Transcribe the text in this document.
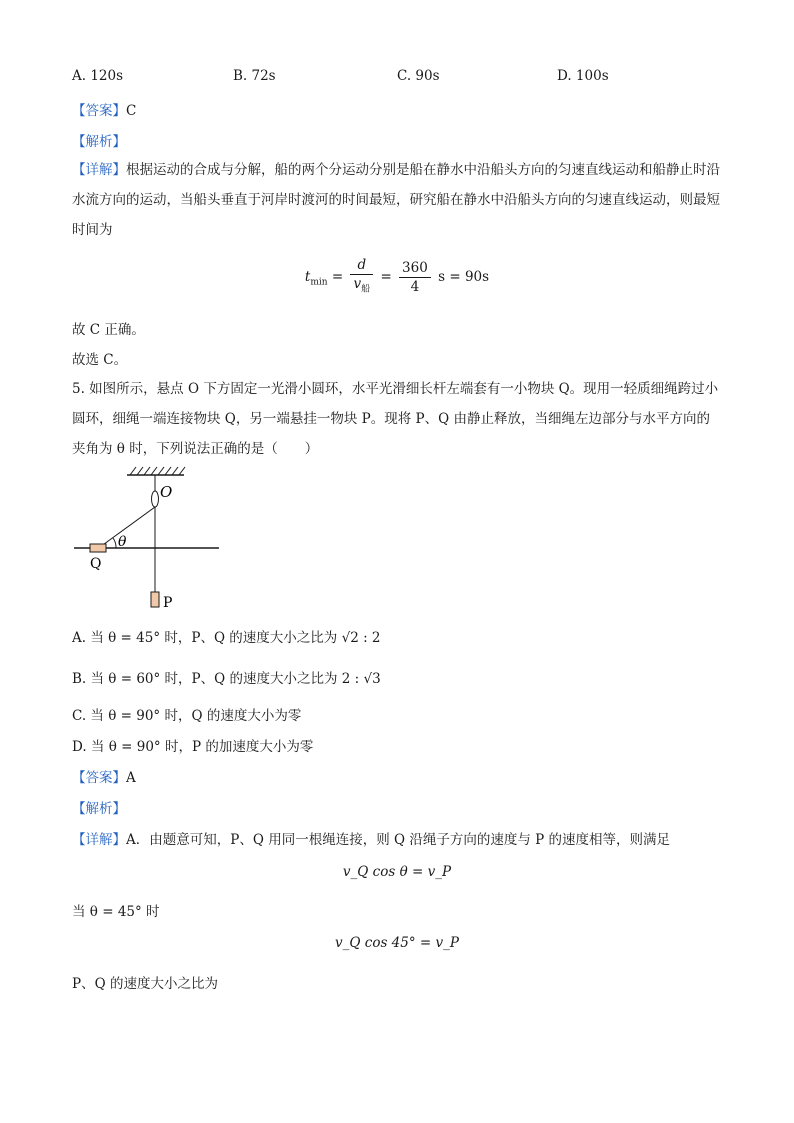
A. 120s	B. 72s	C. 90s	D. 100s
【答案】C
【解析】
【详解】根据运动的合成与分解，船的两个分运动分别是船在静水中沿船头方向的匀速直线运动和船静止时沿水流方向的运动，当船头垂直于河岸时渡河的时间最短，研究船在静水中沿船头方向的匀速直线运动，则最短时间为
$t_{min} = \frac{d}{v_船} = \frac{360}{4}$ s = 90s
故 C 正确。
故选 C。
5. 如图所示，悬点 O 下方固定一光滑小圆环，水平光滑细长杆左端套有一小物块 Q。现用一轻质细绳跨过小圆环，细绳一端连接物块 Q，另一端悬挂一物块 P。现将 P、Q 由静止释放，当细绳左边部分与水平方向的夹角为 θ 时，下列说法正确的是（　　）
O
θ
Q
P
A. 当 θ = 45° 时，P、Q 的速度大小之比为 √2 : 2
B. 当 θ = 60° 时，P、Q 的速度大小之比为 2 : √3
C. 当 θ = 90° 时，Q 的速度大小为零
D. 当 θ = 90° 时，P 的加速度大小为零
【答案】A
【解析】
【详解】A．由题意可知，P、Q 用同一根绳连接，则 Q 沿绳子方向的速度与 P 的速度相等，则满足
v_Q cos θ = v_P
当 θ = 45° 时
v_Q cos 45° = v_P
P、Q 的速度大小之比为
